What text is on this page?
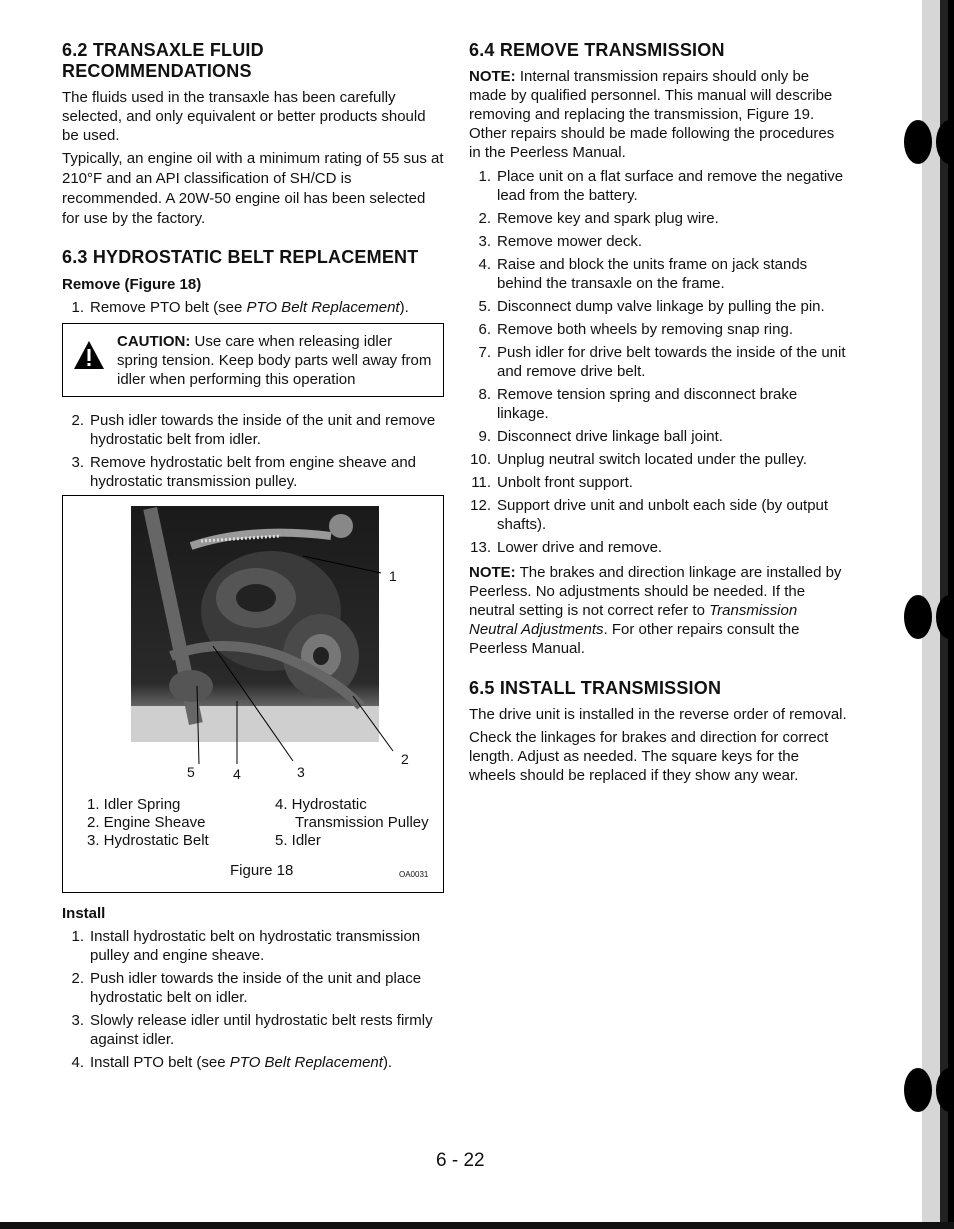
6.2 TRANSAXLE FLUID
RECOMMENDATIONS

The fluids used in the transaxle has been carefully selected, and only equivalent or better products should be used.

Typically, an engine oil with a minimum rating of 55 sus at 210°F and an API classification of SH/CD is recommended. A 20W-50 engine oil has been selected for use by the factory.

6.3 HYDROSTATIC BELT REPLACEMENT
Remove (Figure 18)
1. Remove PTO belt (see PTO Belt Replacement).

CAUTION: Use care when releasing idler spring tension. Keep body parts well away from idler when performing this operation

2. Push idler towards the inside of the unit and remove hydrostatic belt from idler.
3. Remove hydrostatic belt from engine sheave and hydrostatic transmission pulley.
1
2
3
4
5
1. Idler Spring
2. Engine Sheave
3. Hydrostatic Belt
4. Hydrostatic
Transmission Pulley
5. Idler
Figure 18	OA0031
Install
1. Install hydrostatic belt on hydrostatic transmission pulley and engine sheave.
2. Push idler towards the inside of the unit and place hydrostatic belt on idler.
3. Slowly release idler until hydrostatic belt rests firmly against idler.
4. Install PTO belt (see PTO Belt Replacement).
6.4 REMOVE TRANSMISSION

NOTE: Internal transmission repairs should only be made by qualified personnel. This manual will describe removing and replacing the transmission, Figure 19. Other repairs should be made following the procedures in the Peerless Manual.

1. Place unit on a flat surface and remove the negative lead from the battery.
2. Remove key and spark plug wire.
3. Remove mower deck.
4. Raise and block the units frame on jack stands behind the transaxle on the frame.
5. Disconnect dump valve linkage by pulling the pin.
6. Remove both wheels by removing snap ring.
7. Push idler for drive belt towards the inside of the unit and remove drive belt.
8. Remove tension spring and disconnect brake linkage.
9. Disconnect drive linkage ball joint.
10. Unplug neutral switch located under the pulley.
11. Unbolt front support.
12. Support drive unit and unbolt each side (by output shafts).
13. Lower drive and remove.

NOTE: The brakes and direction linkage are installed by Peerless. No adjustments should be needed. If the neutral setting is not correct refer to Transmission Neutral Adjustments. For other repairs consult the Peerless Manual.

6.5 INSTALL TRANSMISSION

The drive unit is installed in the reverse order of removal.

Check the linkages for brakes and direction for correct length. Adjust as needed. The square keys for the wheels should be replaced if they show any wear.

6 - 22
